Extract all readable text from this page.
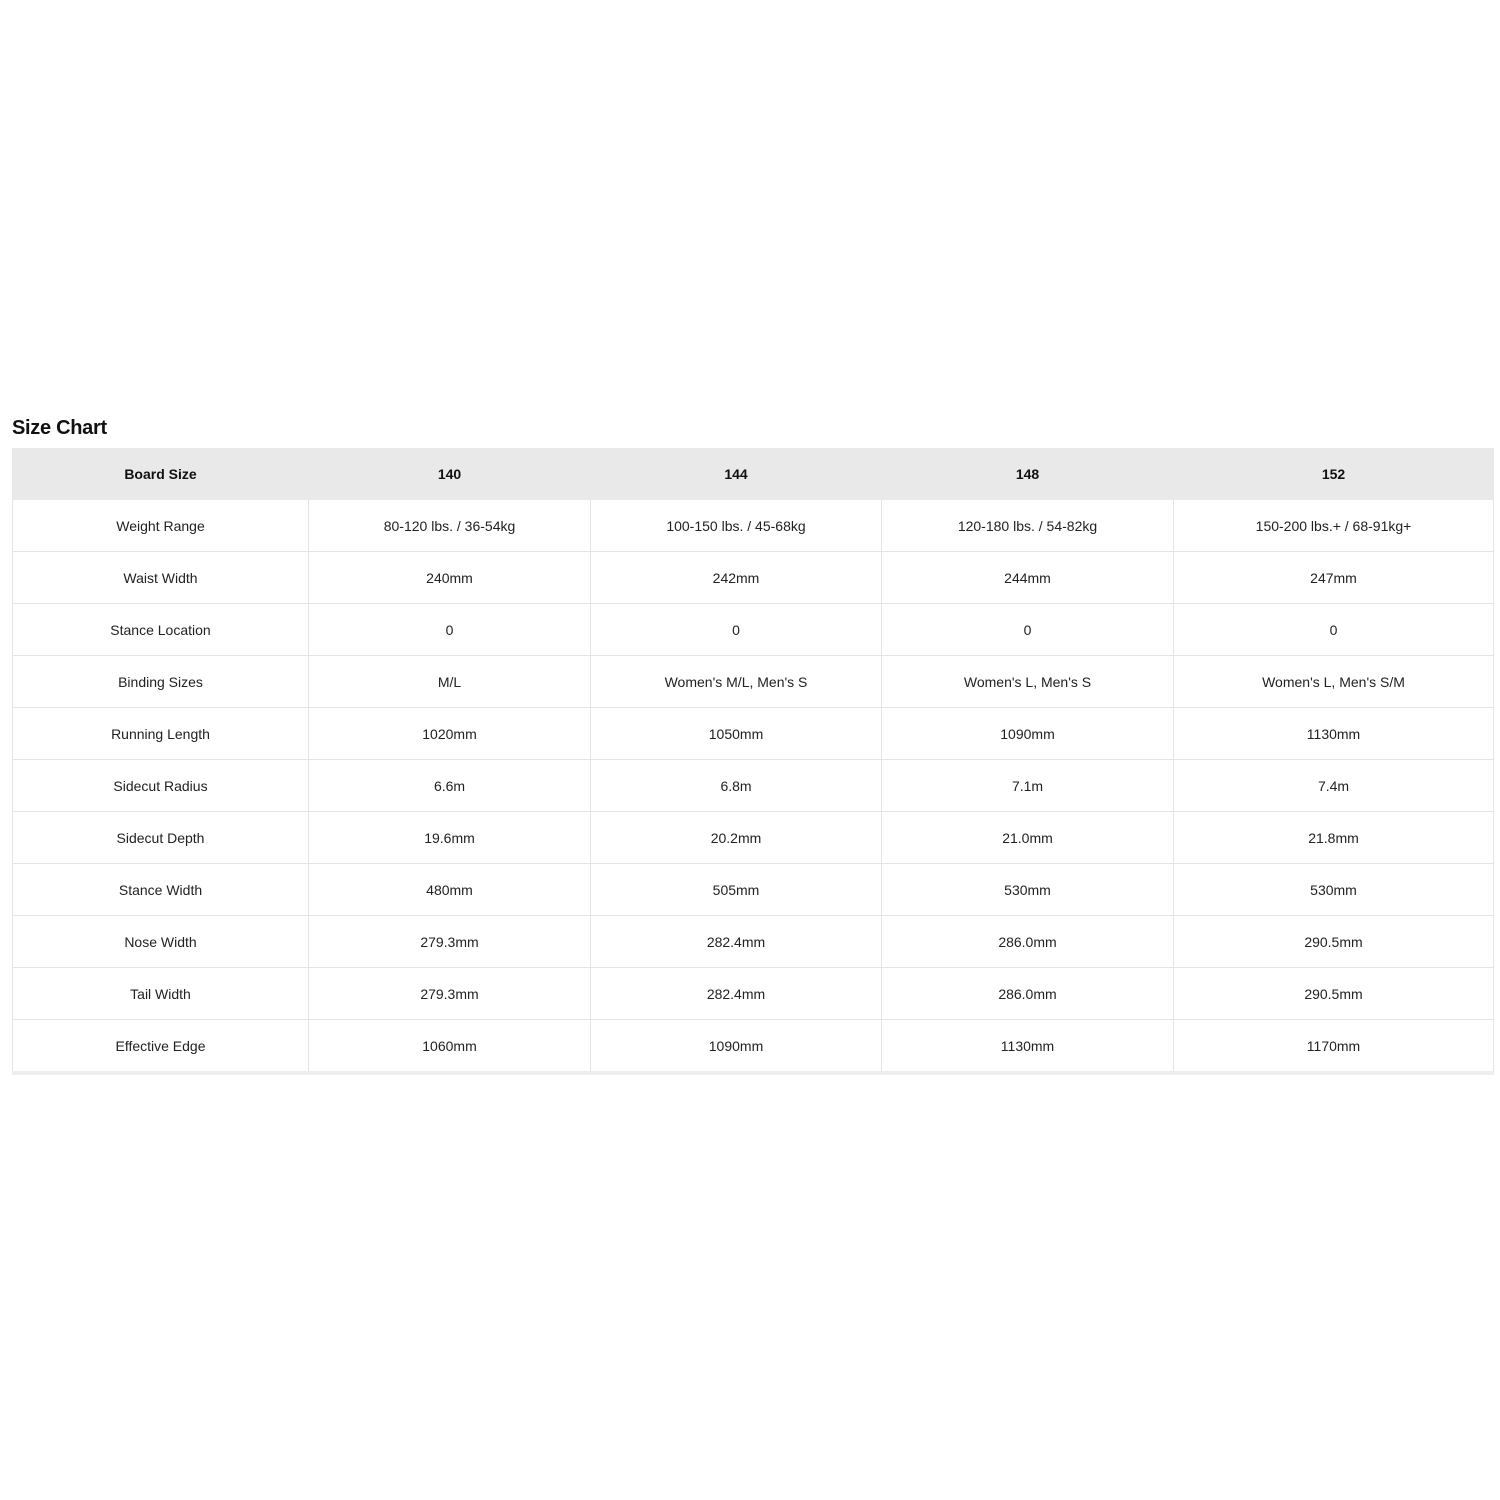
Size Chart
Board Size	140	144	148	152
Weight Range	80-120 lbs. / 36-54kg	100-150 lbs. / 45-68kg	120-180 lbs. / 54-82kg	150-200 lbs.+ / 68-91kg+
Waist Width	240mm	242mm	244mm	247mm
Stance Location	0	0	0	0
Binding Sizes	M/L	Women's M/L, Men's S	Women's L, Men's S	Women's L, Men's S/M
Running Length	1020mm	1050mm	1090mm	1130mm
Sidecut Radius	6.6m	6.8m	7.1m	7.4m
Sidecut Depth	19.6mm	20.2mm	21.0mm	21.8mm
Stance Width	480mm	505mm	530mm	530mm
Nose Width	279.3mm	282.4mm	286.0mm	290.5mm
Tail Width	279.3mm	282.4mm	286.0mm	290.5mm
Effective Edge	1060mm	1090mm	1130mm	1170mm
